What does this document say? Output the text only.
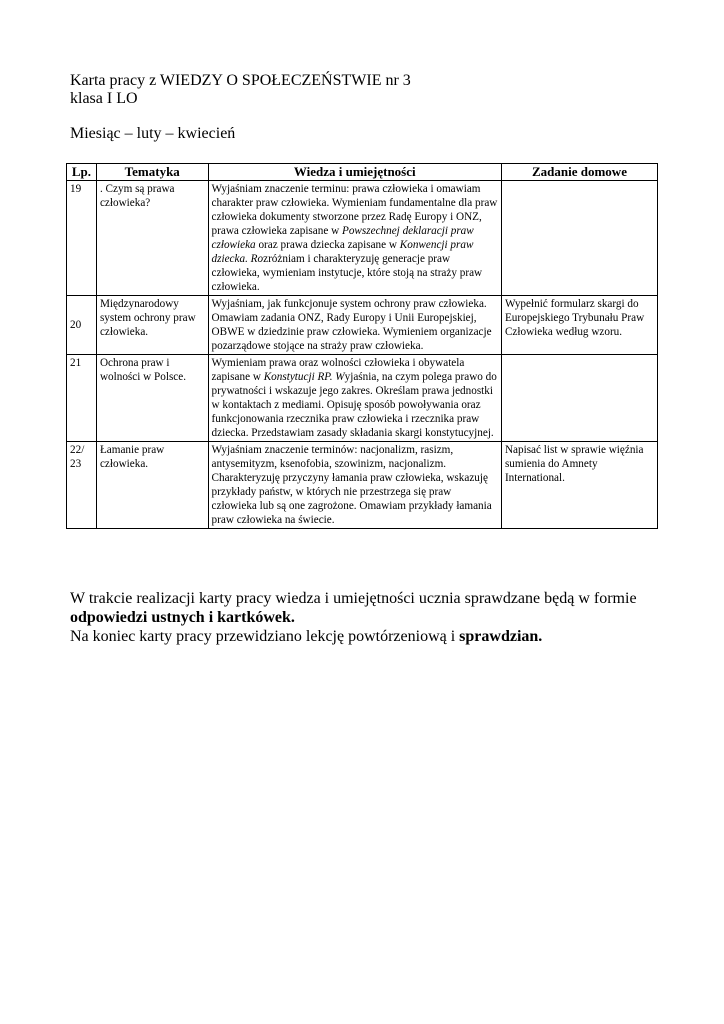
Karta pracy z WIEDZY O SPOŁECZEŃSTWIE nr 3
klasa I LO
Miesiąc – luty – kwiecień
Lp.	Tematyka	Wiedza i umiejętności	Zadanie domowe
19	. Czym są prawa człowieka?	Wyjaśniam znaczenie terminu: prawa człowieka i omawiam charakter praw człowieka. Wymieniam fundamentalne dla praw człowieka dokumenty stworzone przez Radę Europy i ONZ, prawa człowieka zapisane w Powszechnej deklaracji praw człowieka oraz prawa dziecka zapisane w Konwencji praw dziecka. Rozróżniam i charakteryzuję generacje praw człowieka, wymieniam instytucje, które stoją na straży praw człowieka.	
20	Międzynarodowy system ochrony praw człowieka.	Wyjaśniam, jak funkcjonuje system ochrony praw człowieka. Omawiam zadania ONZ, Rady Europy i Unii Europejskiej, OBWE w dziedzinie praw człowieka. Wymieniem organizacje pozarządowe stojące na straży praw człowieka.	Wypełnić formularz skargi do Europejskiego Trybunału Praw Człowieka według wzoru.
21	Ochrona praw i wolności w Polsce.	Wymieniam prawa oraz wolności człowieka i obywatela zapisane w Konstytucji RP. Wyjaśnia, na czym polega prawo do prywatności i wskazuje jego zakres. Określam prawa jednostki w kontaktach z mediami. Opisuję sposób powoływania oraz funkcjonowania rzecznika praw człowieka i rzecznika praw dziecka. Przedstawiam zasady składania skargi konstytucyjnej.	
22/ 23	Łamanie praw człowieka.	Wyjaśniam znaczenie terminów: nacjonalizm, rasizm, antysemityzm, ksenofobia, szowinizm, nacjonalizm. Charakteryzuję przyczyny łamania praw człowieka, wskazuję przykłady państw, w których nie przestrzega się praw człowieka lub są one zagrożone. Omawiam przykłady łamania praw człowieka na świecie.	Napisać list w sprawie więźnia sumienia do Amnety International.
W trakcie realizacji karty pracy wiedza i umiejętności ucznia sprawdzane będą w formie odpowiedzi ustnych i kartkówek.
Na koniec karty pracy przewidziano lekcję powtórzeniową i sprawdzian.
